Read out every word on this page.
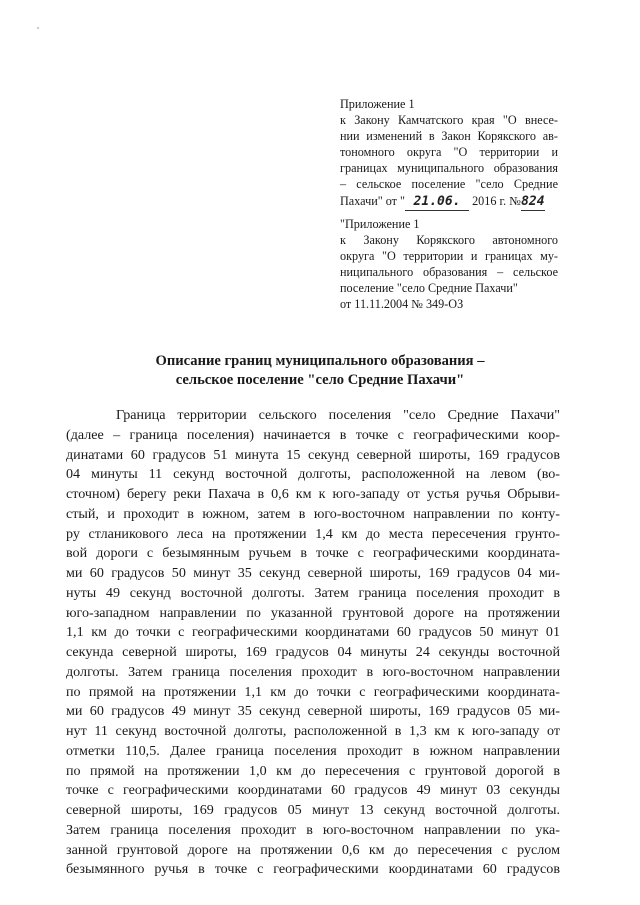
Приложение 1
к Закону Камчатского края "О внесе-
нии изменений в Закон Корякского ав-
тономного округа "О территории и
границах муниципального образования
– сельское поселение "село Средние
Пахачи" от " 21.06. 2016 г. №824
"Приложение 1
к Закону Корякского автономного
округа "О территории и границах му-
ниципального образования – сельское
поселение "село Средние Пахачи"
от 11.11.2004 № 349-ОЗ
Описание границ муниципального образования –
сельское поселение "село Средние Пахачи"
Граница территории сельского поселения "село Средние Пахачи"
(далее – граница поселения) начинается в точке с географическими коор-
динатами 60 градусов 51 минута 15 секунд северной широты, 169 градусов
04 минуты 11 секунд восточной долготы, расположенной на левом (во-
сточном) берегу реки Пахача в 0,6 км к юго-западу от устья ручья Обрыви-
стый, и проходит в южном, затем в юго-восточном направлении по конту-
ру стланикового леса на протяжении 1,4 км до места пересечения грунто-
вой дороги с безымянным ручьем в точке с географическими координата-
ми 60 градусов 50 минут 35 секунд северной широты, 169 градусов 04 ми-
нуты 49 секунд восточной долготы. Затем граница поселения проходит в
юго-западном направлении по указанной грунтовой дороге на протяжении
1,1 км до точки с географическими координатами 60 градусов 50 минут 01
секунда северной широты, 169 градусов 04 минуты 24 секунды восточной
долготы. Затем граница поселения проходит в юго-восточном направлении
по прямой на протяжении 1,1 км до точки с географическими координата-
ми 60 градусов 49 минут 35 секунд северной широты, 169 градусов 05 ми-
нут 11 секунд восточной долготы, расположенной в 1,3 км к юго-западу от
отметки 110,5. Далее граница поселения проходит в южном направлении
по прямой на протяжении 1,0 км до пересечения с грунтовой дорогой в
точке с географическими координатами 60 градусов 49 минут 03 секунды
северной широты, 169 градусов 05 минут 13 секунд восточной долготы.
Затем граница поселения проходит в юго-восточном направлении по ука-
занной грунтовой дороге на протяжении 0,6 км до пересечения с руслом
безымянного ручья в точке с географическими координатами 60 градусов
